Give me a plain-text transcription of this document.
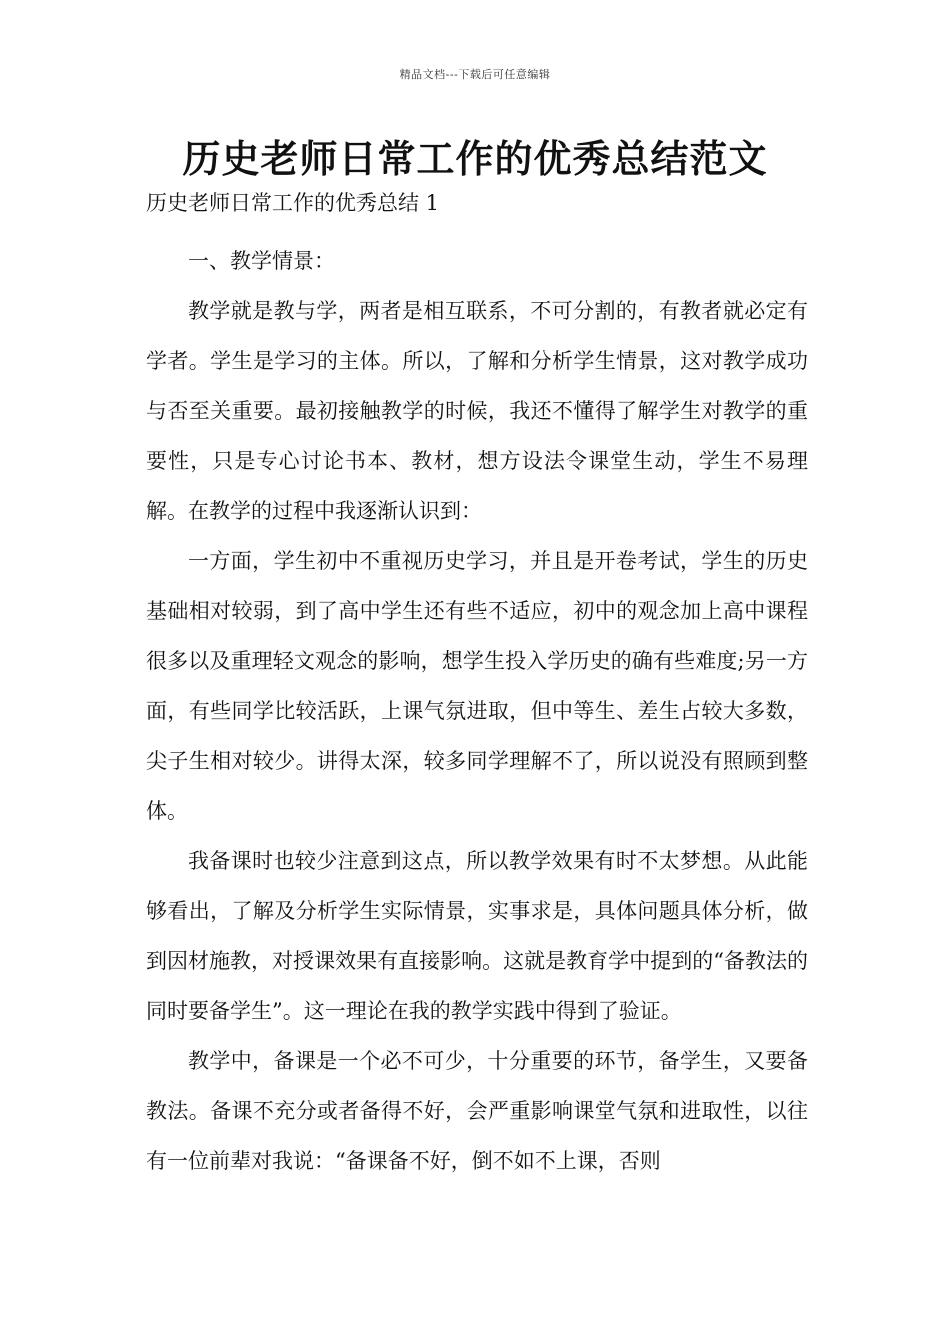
精品文档---下载后可任意编辑
历史老师日常工作的优秀总结范文
历史老师日常工作的优秀总结 1

一、教学情景：

教学就是教与学，两者是相互联系，不可分割的，有教者就必定有学者。学生是学习的主体。所以，了解和分析学生情景，这对教学成功与否至关重要。最初接触教学的时候，我还不懂得了解学生对教学的重要性，只是专心讨论书本、教材，想方设法令课堂生动，学生不易理解。在教学的过程中我逐渐认识到：

一方面，学生初中不重视历史学习，并且是开卷考试，学生的历史基础相对较弱，到了高中学生还有些不适应，初中的观念加上高中课程很多以及重理轻文观念的影响，想学生投入学历史的确有些难度;另一方面，有些同学比较活跃，上课气氛进取，但中等生、差生占较大多数，尖子生相对较少。讲得太深，较多同学理解不了，所以说没有照顾到整体。

我备课时也较少注意到这点，所以教学效果有时不太梦想。从此能够看出，了解及分析学生实际情景，实事求是，具体问题具体分析，做到因材施教，对授课效果有直接影响。这就是教育学中提到的“备教法的同时要备学生”。这一理论在我的教学实践中得到了验证。

教学中，备课是一个必不可少，十分重要的环节，备学生，又要备教法。备课不充分或者备得不好，会严重影响课堂气氛和进取性，以往有一位前辈对我说：“备课备不好，倒不如不上课，否则
